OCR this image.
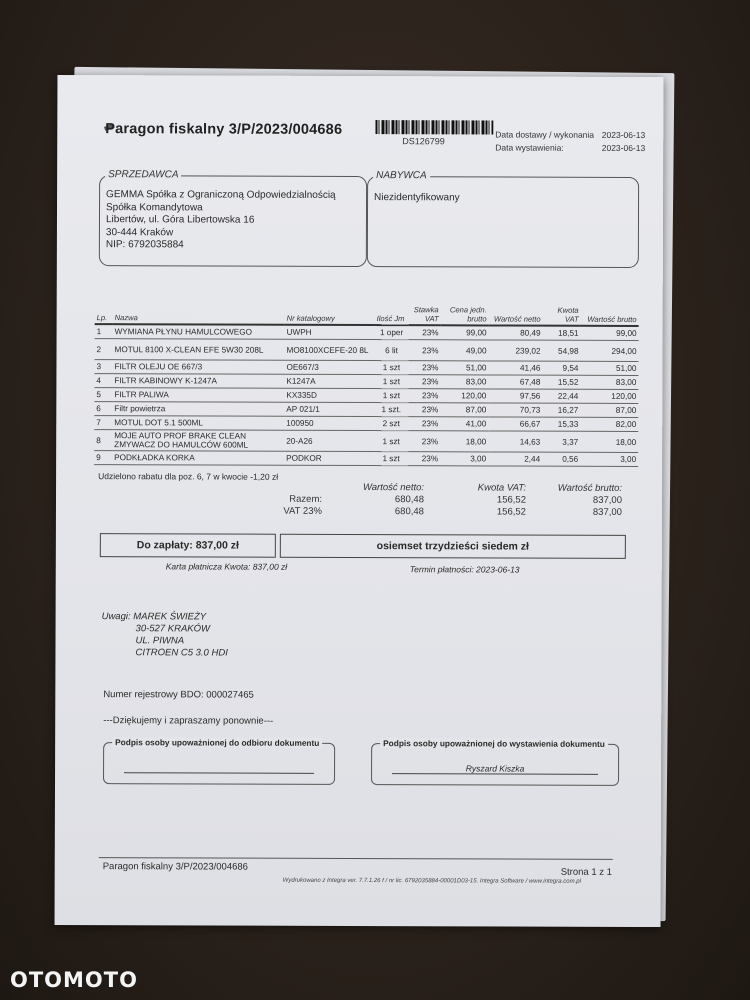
Paragon fiskalny 3/P/2023/004686
DS126799
Data dostawy / wykonania 2023-06-13
Data wystawienia:	2023-06-13
SPRZEDAWCA
GEMMA Spółka z Ograniczoną Odpowiedzialnością
Spółka Komandytowa
Libertów, ul. Góra Libertowska 16
30-444 Kraków
NIP: 6792035884
NABYWCA
Niezidentyfikowany
Lp.	Nazwa	Nr katalogowy	Ilość Jm	Stawka VAT	Cena jedn. brutto	Wartość netto	Kwota VAT	Wartość brutto
1	WYMIANA PŁYNU HAMULCOWEGO	UWPH	1 oper	23%	99,00	80,49	18,51	99,00
2	MOTUL 8100 X-CLEAN EFE 5W30 208L	MO8100XCEFE-20 8L	6 lit	23%	49,00	239,02	54,98	294,00
3	FILTR OLEJU OE 667/3	OE667/3	1 szt	23%	51,00	41,46	9,54	51,00
4	FILTR KABINOWY K-1247A	K1247A	1 szt	23%	83,00	67,48	15,52	83,00
5	FILTR PALIWA	KX335D	1 szt	23%	120,00	97,56	22,44	120,00
6	Filtr powietrza	AP 021/1	1 szt.	23%	87,00	70,73	16,27	87,00
7	MOTUL DOT 5.1 500ML	100950	2 szt	23%	41,00	66,67	15,33	82,00
8	MOJE AUTO PROF BRAKE CLEAN ZMYWACZ DO HAMULCÓW 600ML	20-A26	1 szt	23%	18,00	14,63	3,37	18,00
9	PODKŁADKA KORKA	PODKOR	1 szt	23%	3,00	2,44	0,56	3,00
Udzielono rabatu dla poz. 6, 7 w kwocie -1,20 zł
	Wartość netto:	Kwota VAT:	Wartość brutto:
Razem:	680,48	156,52	837,00
VAT 23%	680,48	156,52	837,00
Do zapłaty: 837,00 zł	osiemset trzydzieści siedem zł
Karta płatnicza Kwota: 837,00 zł	Termin płatności: 2023-06-13
Uwagi: MAREK ŚWIEŻY
30-527 KRAKÓW
UL. PIWNA
CITROEN C5 3.0 HDI
Numer rejestrowy BDO: 000027465
---Dziękujemy i zapraszamy ponownie---
Podpis osoby upoważnionej do odbioru dokumentu	Podpis osoby upoważnionej do wystawienia dokumentu
Ryszard Kiszka
Paragon fiskalny 3/P/2023/004686	Strona 1 z 1
Wydrukowano z Integra ver. 7.7.1.26 f / nr lic. 6792035884-00001D03-15. Integra Software / www.integra.com.pl
OTOMOTO
